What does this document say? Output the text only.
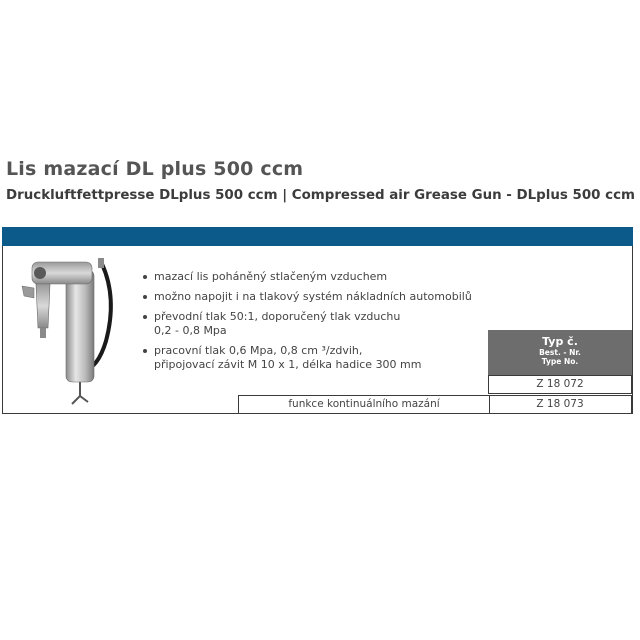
Lis mazací DL plus 500 ccm
Druckluftfettpresse DLplus 500 ccm | Compressed air Grease Gun - DLplus 500 ccm
mazací lis poháněný stlačeným vzduchem
možno napojit i na tlakový systém nákladních automobilů
převodní tlak 50:1, doporučený tlak vzduchu
0,2 - 0,8 Mpa
pracovní tlak 0,6 Mpa, 0,8 cm ³/zdvih,
připojovací závit M 10 x 1, délka hadice 300 mm
Typ č.
Best. - Nr.
Type No.
Z 18 072
funkce kontinuálního mazání	Z 18 073
